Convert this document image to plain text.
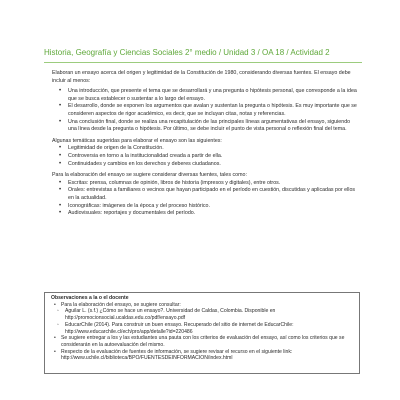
Historia, Geografía y Ciencias Sociales 2° medio / Unidad 3 / OA 18 / Actividad 2

Elaboran un ensayo acerca del origen y legitimidad de la Constitución de 1980, considerando diversas fuentes. El ensayo debe incluir al menos:

• Una introducción, que presente el tema que se desarrollará y una pregunta o hipótesis personal, que corresponde a la idea que se busca establecer o sustentar a lo largo del ensayo.
• El desarrollo, donde se exponen los argumentos que avalan y sustentan la pregunta o hipótesis. Es muy importante que se consideren aspectos de rigor académico, es decir, que se incluyan citas, notas y referencias.
• Una conclusión final, donde se realiza una recapitulación de las principales líneas argumentativas del ensayo, siguiendo una línea desde la pregunta o hipótesis. Por último, se debe incluir el punto de vista personal o reflexión final del tema.

Algunas temáticas sugeridas para elaborar el ensayo son las siguientes:

• Legitimidad de origen de la Constitución.
• Controversia en torno a la institucionalidad creada a partir de ella.
• Continuidades y cambios en los derechos y deberes ciudadanos.

Para la elaboración del ensayo se sugiere considerar diversas fuentes, tales como:

• Escritas: prensa, columnas de opinión, libros de historia (impresos y digitales), entre otros.
• Orales: entrevistas a familiares o vecinos que hayan participado en el período en cuestión, discutidas y aplicadas por ellos en la actualidad.
• Iconográficas: imágenes de la época y del proceso histórico.
• Audiovisuales: reportajes y documentales del período.
Observaciones a la o el docente
• Para la elaboración del ensayo, se sugiere consultar:
◦ Aguilar L. (s.f.) ¿Cómo se hace un ensayo?. Universidad de Caldas, Colombia. Disponible en http://promocionsocial.ucaldas.edu.co/pdf/ensayo.pdf
◦ EducarChile (2014). Para construir un buen ensayo. Recuperado del sitio de internet de EducarChile: http://www.educarchile.cl/ech/pro/app/detalle?id=220486
• Se sugiere entregar a los y las estudiantes una pauta con los criterios de evaluación del ensayo, así como los criterios que se considerarán en la autoevaluación del mismo.
• Respecto de la evaluación de fuentes de información, se sugiere revisar el recurso en el siguiente link: http://www.uchile.cl/biblioteca/BPO/FUENTESDEINFORMACION/index.html
